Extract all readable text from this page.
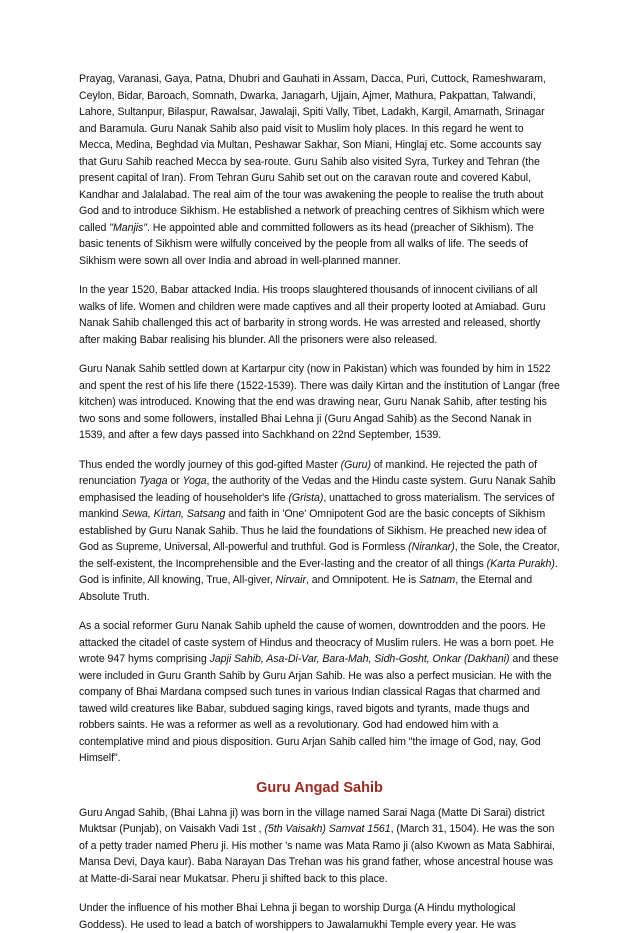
Prayag, Varanasi, Gaya, Patna, Dhubri and Gauhati in Assam, Dacca, Puri, Cuttock, Rameshwaram, Ceylon, Bidar, Baroach, Somnath, Dwarka, Janagarh, Ujjain, Ajmer, Mathura, Pakpattan, Talwandi, Lahore, Sultanpur, Bilaspur, Rawalsar, Jawalaji, Spiti Vally, Tibet, Ladakh, Kargil, Amarnath, Srinagar and Baramula. Guru Nanak Sahib also paid visit to Muslim holy places. In this regard he went to Mecca, Medina, Beghdad via Multan, Peshawar Sakhar, Son Miani, Hinglaj etc. Some accounts say that Guru Sahib reached Mecca by sea-route. Guru Sahib also visited Syra, Turkey and Tehran (the present capital of Iran). From Tehran Guru Sahib set out on the caravan route and covered Kabul, Kandhar and Jalalabad. The real aim of the tour was awakening the people to realise the truth about God and to introduce Sikhism. He established a network of preaching centres of Sikhism which were called "Manjis". He appointed able and committed followers as its head (preacher of Sikhism). The basic tenents of Sikhism were wilfully conceived by the people from all walks of life. The seeds of Sikhism were sown all over India and abroad in well-planned manner.

In the year 1520, Babar attacked India. His troops slaughtered thousands of innocent civilians of all walks of life. Women and children were made captives and all their property looted at Amiabad. Guru Nanak Sahib challenged this act of barbarity in strong words. He was arrested and released, shortly after making Babar realising his blunder. All the prisoners were also released.

Guru Nanak Sahib settled down at Kartarpur city (now in Pakistan) which was founded by him in 1522 and spent the rest of his life there (1522-1539). There was daily Kirtan and the institution of Langar (free kitchen) was introduced. Knowing that the end was drawing near, Guru Nanak Sahib, after testing his two sons and some followers, installed Bhai Lehna ji (Guru Angad Sahib) as the Second Nanak in 1539, and after a few days passed into Sachkhand on 22nd September, 1539.

Thus ended the wordly journey of this god-gifted Master (Guru) of mankind. He rejected the path of renunciation Tyaga or Yoga, the authority of the Vedas and the Hindu caste system. Guru Nanak Sahib emphasised the leading of householder's life (Grista), unattached to gross materialism. The services of mankind Sewa, Kirtan, Satsang and faith in 'One' Omnipotent God are the basic concepts of Sikhism established by Guru Nanak Sahib. Thus he laid the foundations of Sikhism. He preached new idea of God as Supreme, Universal, All-powerful and truthful. God is Formless (Nirankar), the Sole, the Creator, the self-existent, the Incomprehensible and the Ever-lasting and the creator of all things (Karta Purakh). God is infinite, All knowing, True, All-giver, Nirvair, and Omnipotent. He is Satnam, the Eternal and Absolute Truth.

As a social reformer Guru Nanak Sahib upheld the cause of women, downtrodden and the poors. He attacked the citadel of caste system of Hindus and theocracy of Muslim rulers. He was a born poet. He wrote 947 hyms comprising Japji Sahib, Asa-Di-Var, Bara-Mah, Sidh-Gosht, Onkar (Dakhani) and these were included in Guru Granth Sahib by Guru Arjan Sahib. He was also a perfect musician. He with the company of Bhai Mardana compsed such tunes in various Indian classical Ragas that charmed and tawed wild creatures like Babar, subdued saging kings, raved bigots and tyrants, made thugs and robbers saints. He was a reformer as well as a revolutionary. God had endowed him with a contemplative mind and pious disposition. Guru Arjan Sahib called him "the image of God, nay, God Himself".

Guru Angad Sahib

Guru Angad Sahib, (Bhai Lahna ji) was born in the village named Sarai Naga (Matte Di Sarai) district Muktsar (Punjab), on Vaisakh Vadi 1st , (5th Vaisakh) Samvat 1561, (March 31, 1504). He was the son of a petty trader named Pheru ji. His mother 's name was Mata Ramo ji (also Kwown as Mata Sabhirai, Mansa Devi, Daya kaur). Baba Narayan Das Trehan was his grand father, whose ancestral house was at Matte-di-Sarai near Mukatsar. Pheru ji shifted back to this place.

Under the influence of his mother Bhai Lehna ji began to worship Durga (A Hindu mythological Goddess). He used to lead a batch of worshippers to Jawalamukhi Temple every year. He was
